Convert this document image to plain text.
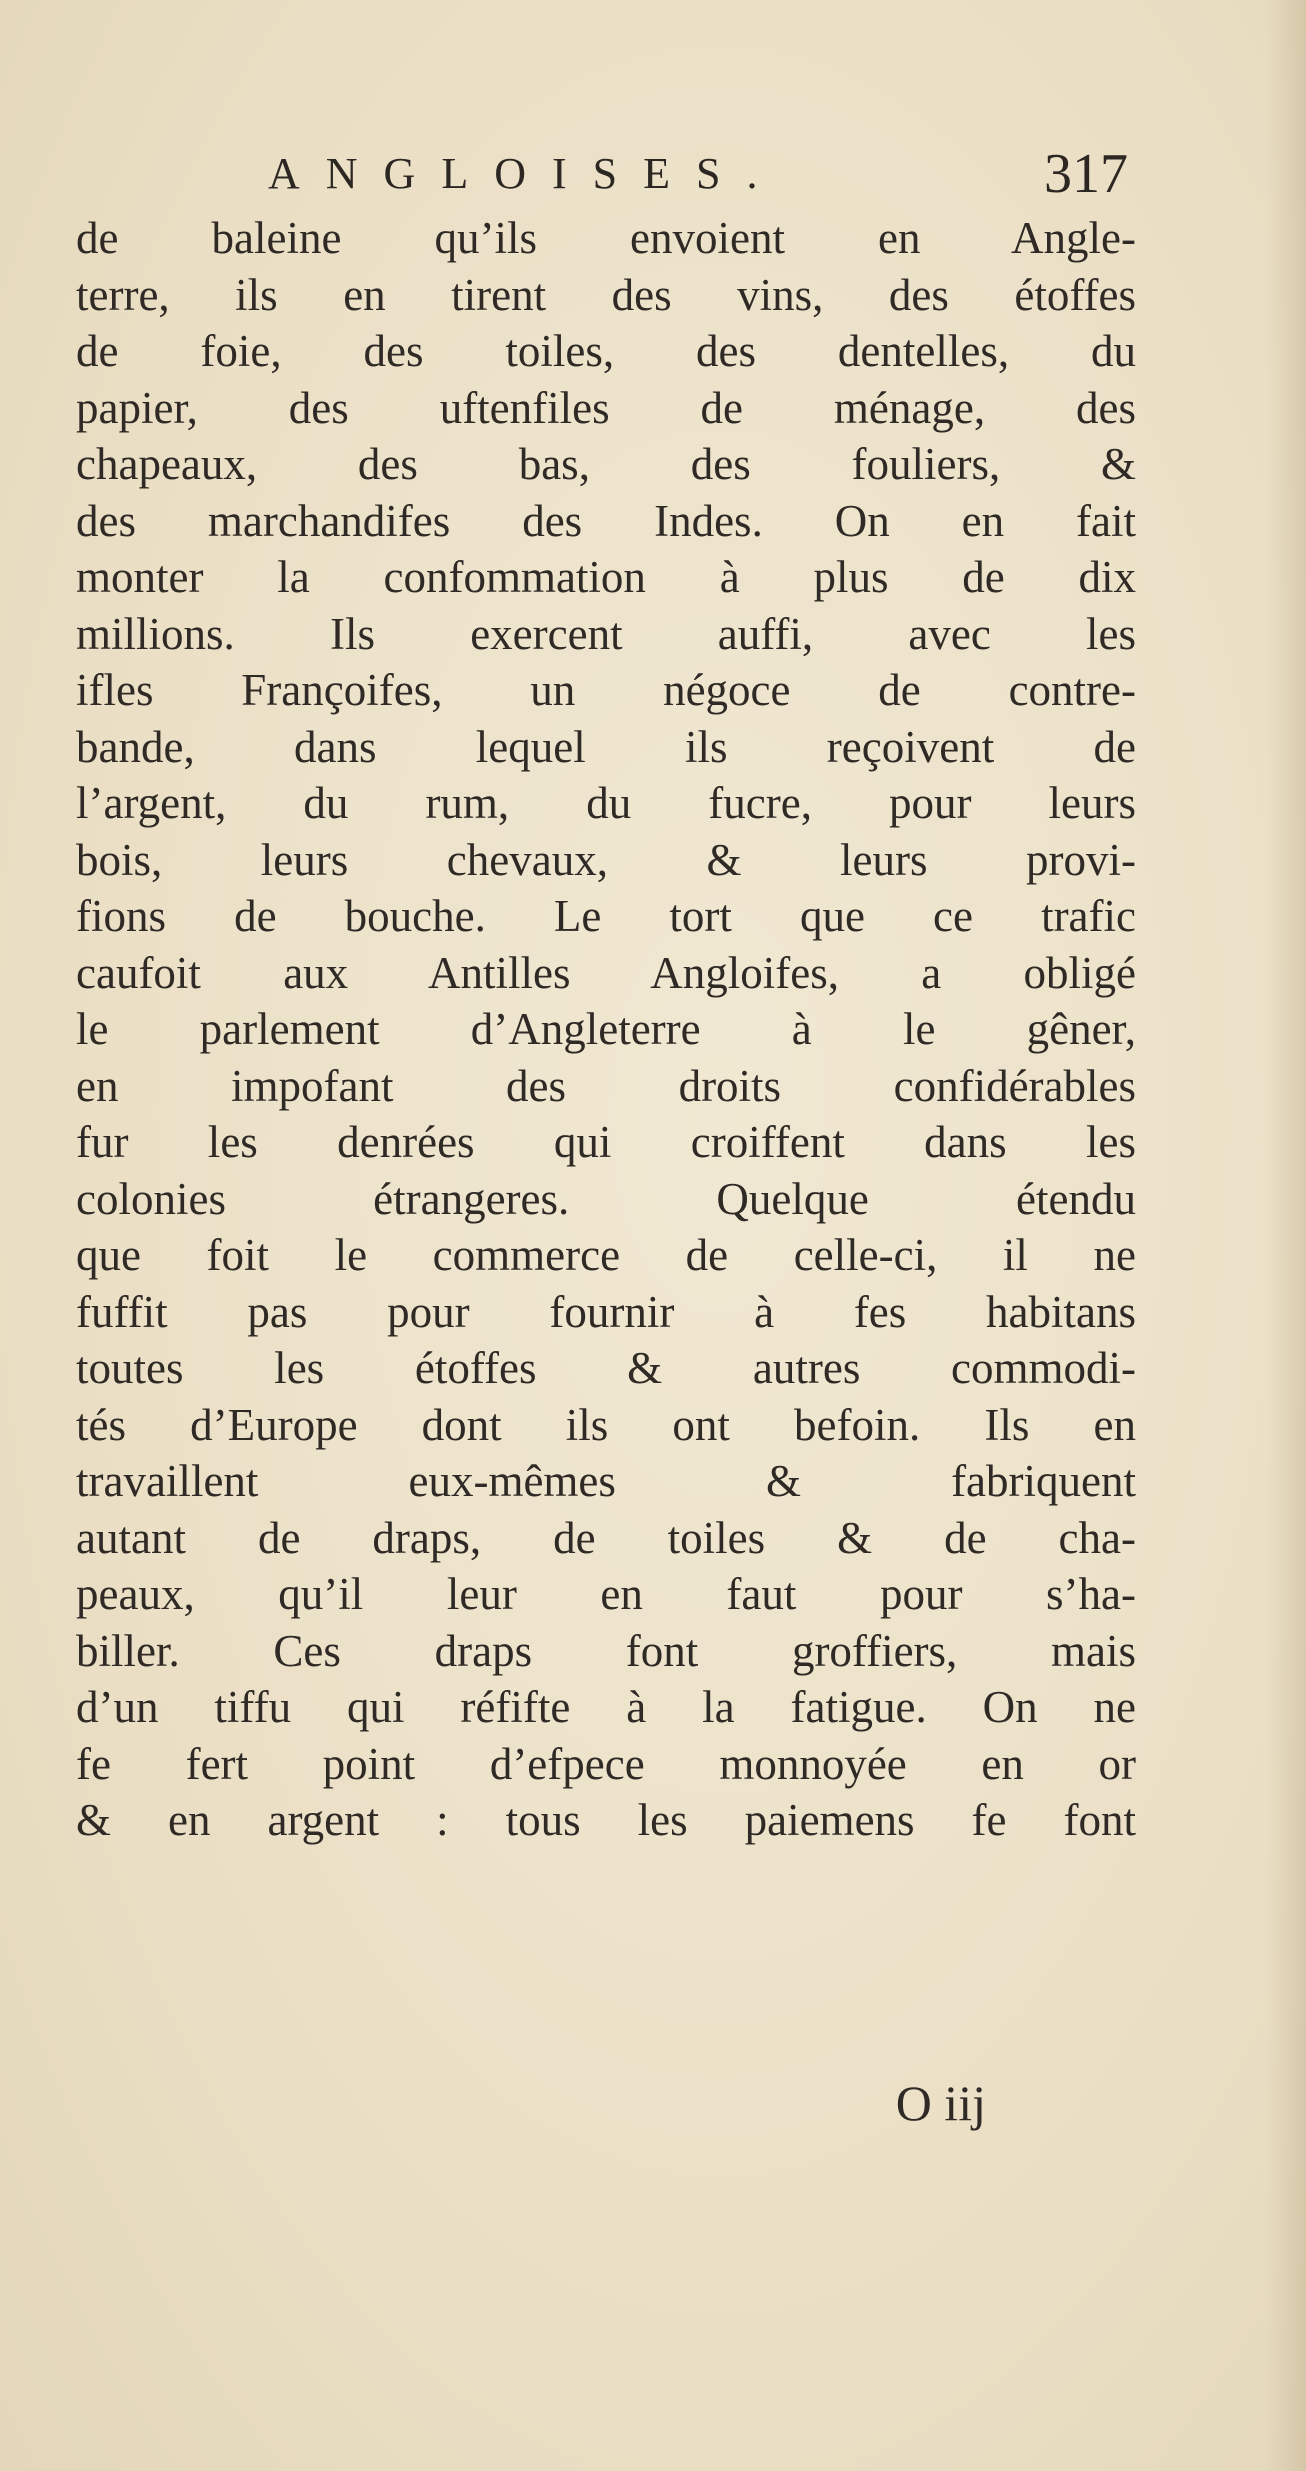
ANGLOISES.	317
de baleine qu’ils envoient en Angle-
terre, ils en tirent des vins, des étoffes
de foie, des toiles, des dentelles, du
papier, des uftenfiles de ménage, des
chapeaux, des bas, des fouliers, &
des marchandifes des Indes. On en fait
monter la confommation à plus de dix
millions. Ils exercent auffi, avec les
ifles Françoifes, un négoce de contre-
bande, dans lequel ils reçoivent de
l’argent, du rum, du fucre, pour leurs
bois, leurs chevaux, & leurs provi-
fions de bouche. Le tort que ce trafic
caufoit aux Antilles Angloifes, a obligé
le parlement d’Angleterre à le gêner,
en impofant des droits confidérables
fur les denrées qui croiffent dans les
colonies étrangeres. Quelque étendu
que foit le commerce de celle-ci, il ne
fuffit pas pour fournir à fes habitans
toutes les étoffes & autres commodi-
tés d’Europe dont ils ont befoin. Ils en
travaillent eux-mêmes & fabriquent
autant de draps, de toiles & de cha-
peaux, qu’il leur en faut pour s’ha-
biller. Ces draps font groffiers, mais
d’un tiffu qui réfifte à la fatigue. On ne
fe fert point d’efpece monnoyée en or
& en argent : tous les paiemens fe font
O iij
